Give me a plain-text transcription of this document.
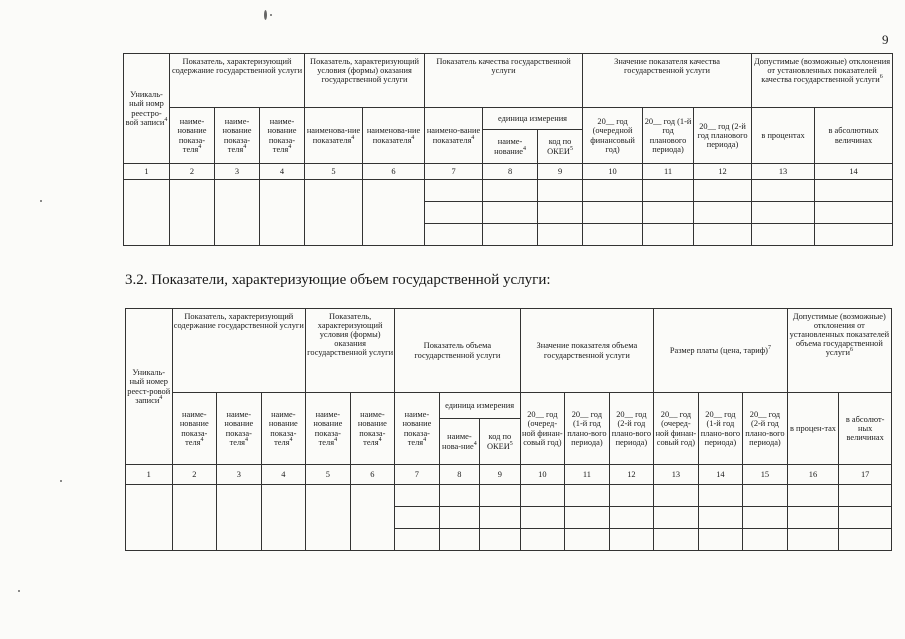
9
Уникаль-ный номр реестро-вой записи$^4$	Показатель, характеризующий содержание государственной услуги			Показатель, характеризующий условия (формы) оказания государственной услуги		Показатель качества государственной услуги			Значение показателя качества государственной услуги			Допустимые (возможные) отклонения от установленных показателей качества государственной услуги$^6$
	наиме-нование показа-теля$^4$	наиме-нование показа-теля$^4$	наиме-нование показа-теля$^4$	наименова-ние показателя$^4$	наименова-ние показателя$^4$	наимено-вание показателя$^4$	единица измерения		20__ год (очередной финансовый год)	20__ год (1-й год планового периода)	20__ год (2-й год планового периода)	в процентах	в абсолютных величинах
							наиме-нование$^4$	код по ОКЕИ$^5$
1	2	3	4	5	6	7	8	9	10	11	12	13	14

3.2. Показатели, характеризующие объем государственной услуги:
Уникаль-ный номер реест-ровой записи$^4$	Показатель, характеризующий содержание государственной услуги			Показатель, характеризующий условия (формы) оказания государственной услуги		Показатель объема государственной услуги			Значение показателя объема государственной услуги			Размер платы (цена, тариф)$^7$			Допустимые (возможные) отклонения от установленных показателей объема государственной услуги$^6$
	наиме-нование показа-теля$^4$	наиме-нование показа-теля$^4$	наиме-нование показа-теля$^4$	наиме-нование показа-теля$^4$	наиме-нование показа-теля$^4$	наиме-нование показа-теля$^4$	единица измерения		20__ год (очеред-ной финан-совый год)	20__ год (1-й год плано-вого периода)	20__ год (2-й год плано-вого периода)	20__ год (очеред-ной финан-совый год)	20__ год (1-й год плано-вого периода)	20__ год (2-й год плано-вого периода)	в процен-тах	в абсолют-ных величинах
							наиме-нова-ние$^4$	код по ОКЕИ$^5$
1	2	3	4	5	6	7	8	9	10	11	12	13	14	15	16	17
